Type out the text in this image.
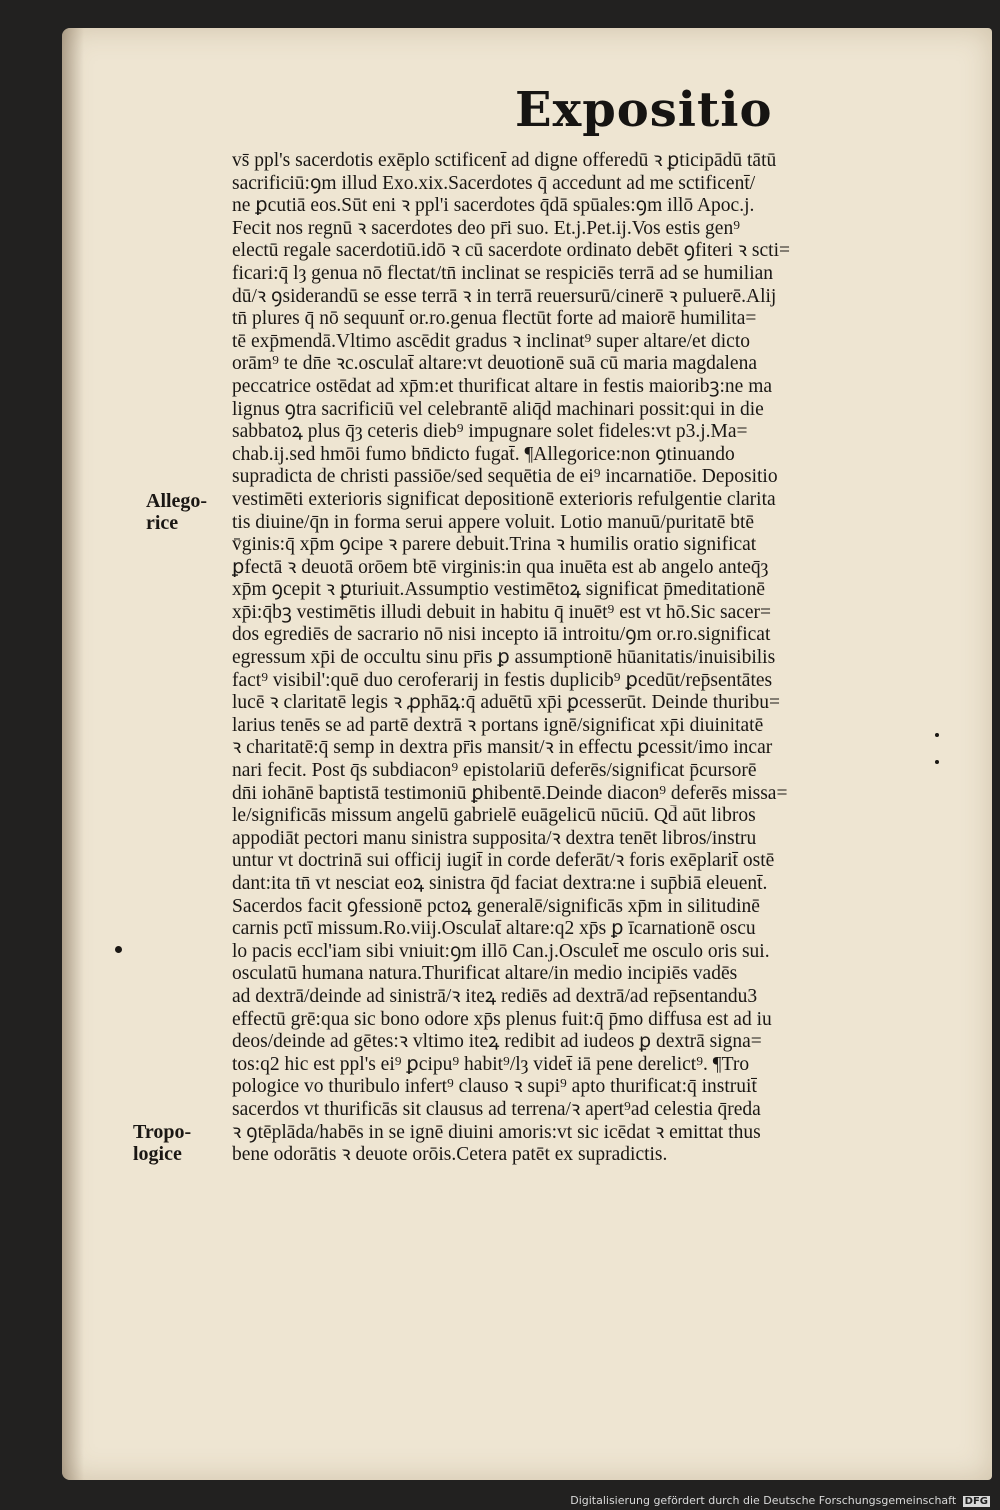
Expositio
vs̄ ppl's sacerdotis exēplo sctificent̄ ad digne offeredū ꝛ ꝑticipādū tātū
sacrificiū:ꝯm illud Exo.xix.Sacerdotes q̄ accedunt ad me sctificent̄/
ne ꝑcutiā eos.Sūt eni ꝛ ppl'i sacerdotes q̄dā spūales:ꝯm illō Apoc.j.
Fecit nos regnū ꝛ sacerdotes deo pr̄i suo. Et.j.Pet.ij.Vos estis gen⁹
electū regale sacerdotiū.idō ꝛ cū sacerdote ordinato debēt ꝯfiteri ꝛ scti=
ficari:q̄ lȝ genua nō flectat/tn̄ inclinat se respiciēs terrā ad se humilian
dū/ꝛ ꝯsiderandū se esse terrā ꝛ in terrā reuersurū/cinerē ꝛ puluerē.Alij
tn̄ plures q̄ nō sequunt̄ or.ro.genua flectūt forte ad maiorē humilita=
tē exp̄mendā.Vltimo ascēdit gradus ꝛ inclinat⁹ super altare/et dicto
orām⁹ te dn̄e ꝛc.osculat̄ altare:vt deuotionē suā cū maria magdalena
peccatrice ostēdat ad xp̄m:et thurificat altare in festis maioribꝫ:ne ma
lignus ꝯtra sacrificiū vel celebrantē aliq̄d machinari possit:qui in die
sabbatoꝝ plus q̄ȝ ceteris dieb⁹ impugnare solet fideles:vt p3.j.Ma=
chab.ij.sed hmōi fumo bn̄dicto fugat̄. ¶Allegorice:non ꝯtinuando
supradicta de christi passiōe/sed sequētia de ei⁹ incarnatiōe. Depositio
vestimēti exterioris significat depositionē exterioris refulgentie clarita
tis diuine/q̄n in forma serui appere voluit. Lotio manuū/puritatē btē
v̄ginis:q̄ xp̄m ꝯcipe ꝛ parere debuit.Trina ꝛ humilis oratio significat
ꝑfectā ꝛ deuotā orōem btē virginis:in qua inuēta est ab angelo anteq̄ȝ
xp̄m ꝯcepit ꝛ ꝑturiuit.Assumptio vestimētoꝝ significat p̄meditationē
xp̄i:q̄bꝫ vestimētis illudi debuit in habitu q̄ inuēt⁹ est vt hō.Sic sacer=
dos egrediēs de sacrario nō nisi incepto iā introitu/ꝯm or.ro.significat
egressum xp̄i de occultu sinu pr̄is ꝑ assumptionē hūanitatis/inuisibilis
fact⁹ visibil':quē duo ceroferarij in festis duplicib⁹ ꝑcedūt/rep̄sentātes
lucē ꝛ claritatē legis ꝛ ꝓphāꝝ:q̄ aduētū xp̄i ꝑcesserūt. Deinde thuribu=
larius tenēs se ad partē dextrā ꝛ portans ignē/significat xp̄i diuinitatē
ꝛ charitatē:q̄ semp in dextra pr̄is mansit/ꝛ in effectu ꝑcessit/imo incar
nari fecit. Post q̄s subdiacon⁹ epistolariū deferēs/significat p̄cursorē
dn̄i iohānē baptistā testimoniū ꝑhibentē.Deinde diacon⁹ deferēs missa=
le/significās missum angelū gabrielē euāgelicū nūciū. Qd̄ aūt libros
appodiāt pectori manu sinistra supposita/ꝛ dextra tenēt libros/instru
untur vt doctrinā sui officij iugit̄ in corde deferāt/ꝛ foris exēplarit̄ ostē
dant:ita tn̄ vt nesciat eoꝝ sinistra q̄d faciat dextra:ne i sup̄biā eleuent̄.
Sacerdos facit ꝯfessionē pctoꝝ generalē/significās xp̄m in silitudinē
carnis pctī missum.Ro.viij.Osculat̄ altare:q2 xp̄s ꝑ īcarnationē oscu
lo pacis eccl'iam sibi vniuit:ꝯm illō Can.j.Osculet̄ me osculo oris sui.
osculatū humana natura.Thurificat altare/in medio incipiēs vadēs
ad dextrā/deinde ad sinistrā/ꝛ iteꝝ rediēs ad dextrā/ad rep̄sentandu3
effectū grē:qua sic bono odore xp̄s plenus fuit:q̄ p̄mo diffusa est ad iu
deos/deinde ad gētes:ꝛ vltimo iteꝝ redibit ad iudeos ꝑ dextrā signa=
tos:q2 hic est ppl's ei⁹ ꝑcipu⁹ habit⁹/lȝ videt̄ iā pene derelict⁹. ¶Tro
pologice vo thuribulo infert⁹ clauso ꝛ supi⁹ apto thurificat:q̄ instruit̄
sacerdos vt thurificās sit clausus ad terrena/ꝛ apert⁹ad celestia q̄reda
ꝛ ꝯtēplāda/habēs in se ignē diuini amoris:vt sic icēdat ꝛ emittat thus
bene odorātis ꝛ deuote orōis.Cetera patēt ex supradictis.
Allego-
rice
Tropo-
logice
Digitalisierung gefördert durch die Deutsche Forschungsgemeinschaft DFG
